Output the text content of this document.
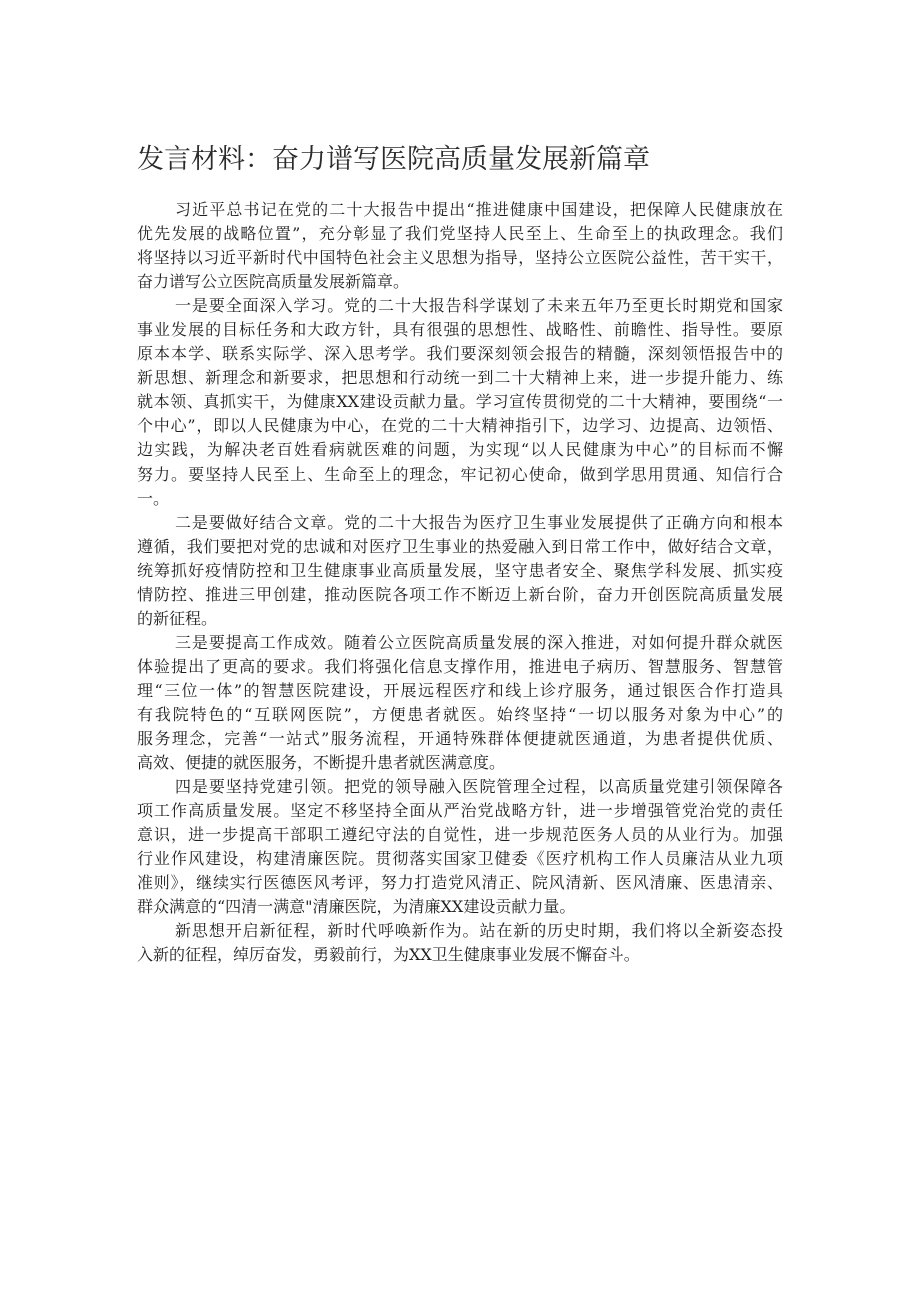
发言材料：奋力谱写医院高质量发展新篇章
习近平总书记在党的二十大报告中提出“推进健康中国建设，把保障人民健康放在
优先发展的战略位置”，充分彰显了我们党坚持人民至上、生命至上的执政理念。我们
将坚持以习近平新时代中国特色社会主义思想为指导，坚持公立医院公益性，苦干实干，
奋力谱写公立医院高质量发展新篇章。
一是要全面深入学习。党的二十大报告科学谋划了未来五年乃至更长时期党和国家
事业发展的目标任务和大政方针，具有很强的思想性、战略性、前瞻性、指导性。要原
原本本学、联系实际学、深入思考学。我们要深刻领会报告的精髓，深刻领悟报告中的
新思想、新理念和新要求，把思想和行动统一到二十大精神上来，进一步提升能力、练
就本领、真抓实干，为健康XX建设贡献力量。学习宣传贯彻党的二十大精神，要围绕“一
个中心”，即以人民健康为中心，在党的二十大精神指引下，边学习、边提高、边领悟、
边实践，为解决老百姓看病就医难的问题，为实现“以人民健康为中心”的目标而不懈
努力。要坚持人民至上、生命至上的理念，牢记初心使命，做到学思用贯通、知信行合
一。
二是要做好结合文章。党的二十大报告为医疗卫生事业发展提供了正确方向和根本
遵循，我们要把对党的忠诚和对医疗卫生事业的热爱融入到日常工作中，做好结合文章，
统筹抓好疫情防控和卫生健康事业高质量发展，坚守患者安全、聚焦学科发展、抓实疫
情防控、推进三甲创建，推动医院各项工作不断迈上新台阶，奋力开创医院高质量发展
的新征程。
三是要提高工作成效。随着公立医院高质量发展的深入推进，对如何提升群众就医
体验提出了更高的要求。我们将强化信息支撑作用，推进电子病历、智慧服务、智慧管
理“三位一体”的智慧医院建设，开展远程医疗和线上诊疗服务，通过银医合作打造具
有我院特色的“互联网医院”，方便患者就医。始终坚持“一切以服务对象为中心”的
服务理念，完善“一站式”服务流程，开通特殊群体便捷就医通道，为患者提供优质、
高效、便捷的就医服务，不断提升患者就医满意度。
四是要坚持党建引领。把党的领导融入医院管理全过程，以高质量党建引领保障各
项工作高质量发展。坚定不移坚持全面从严治党战略方针，进一步增强管党治党的责任
意识，进一步提高干部职工遵纪守法的自觉性，进一步规范医务人员的从业行为。加强
行业作风建设，构建清廉医院。贯彻落实国家卫健委《医疗机构工作人员廉洁从业九项
准则》，继续实行医德医风考评，努力打造党风清正、院风清新、医风清廉、医患清亲、
群众满意的“四清一满意"清廉医院，为清廉XX建设贡献力量。
新思想开启新征程，新时代呼唤新作为。站在新的历史时期，我们将以全新姿态投
入新的征程，绰厉奋发，勇毅前行，为XX卫生健康事业发展不懈奋斗。
